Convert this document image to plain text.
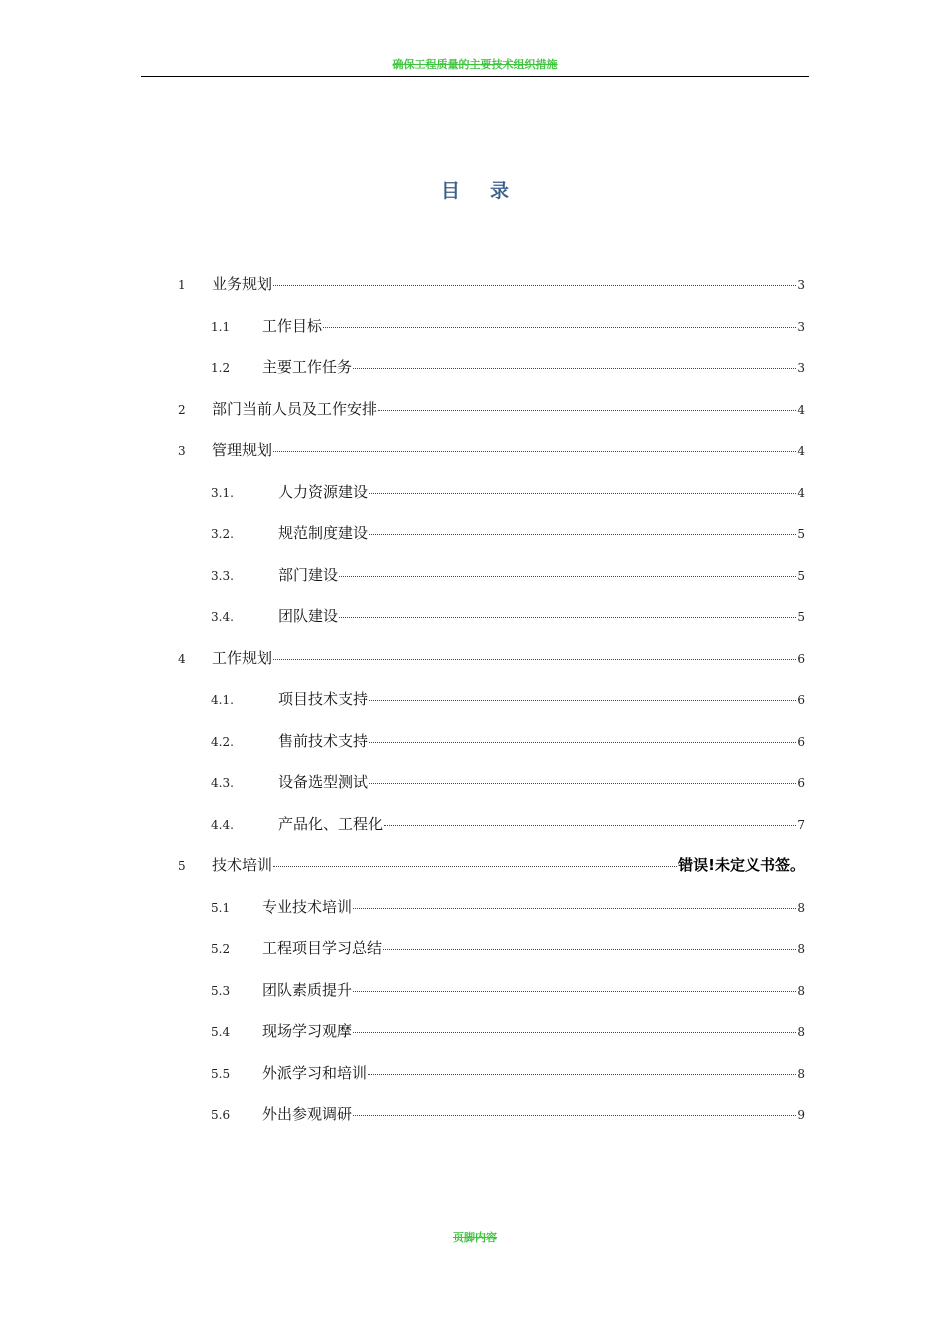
确保工程质量的主要技术组织措施
目录
1	业务规划	3
1.1	工作目标	3
1.2	主要工作任务	3
2	部门当前人员及工作安排	4
3	管理规划	4
3.1.	人力资源建设	4
3.2.	规范制度建设	5
3.3.	部门建设	5
3.4.	团队建设	5
4	工作规划	6
4.1.	项目技术支持	6
4.2.	售前技术支持	6
4.3.	设备选型测试	6
4.4.	产品化、工程化	7
5	技术培训	错误!未定义书签。
5.1	专业技术培训	8
5.2	工程项目学习总结	8
5.3	团队素质提升	8
5.4	现场学习观摩	8
5.5	外派学习和培训	8
5.6	外出参观调研	9
页脚内容
